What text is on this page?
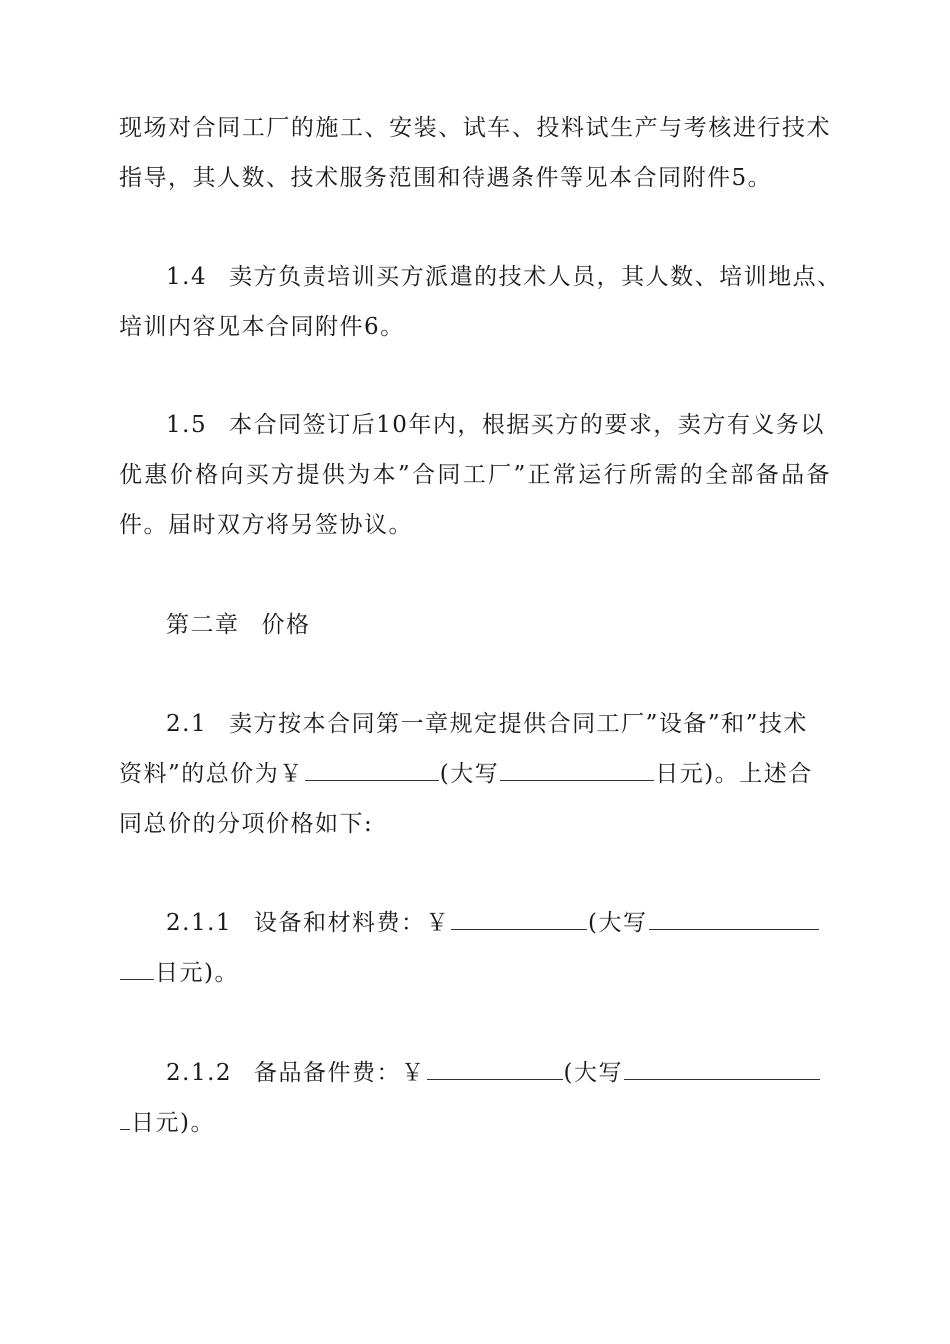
现场对合同工厂的施工、安装、试车、投料试生产与考核进行技术
指导，其人数、技术服务范围和待遇条件等见本合同附件5。
1.4 卖方负责培训买方派遣的技术人员，其人数、培训地点、
培训内容见本合同附件6。
1.5 本合同签订后10年内，根据买方的要求，卖方有义务以
优惠价格向买方提供为本”合同工厂”正常运行所需的全部备品备
件。届时双方将另签协议。
第二章 价格
2.1 卖方按本合同第一章规定提供合同工厂”设备”和”技术
资料”的总价为￥	(大写	日元)。上述合
同总价的分项价格如下:
2.1.1 设备和材料费：￥	(大写
日元)。
2.1.2 备品备件费：￥	(大写
日元)。
